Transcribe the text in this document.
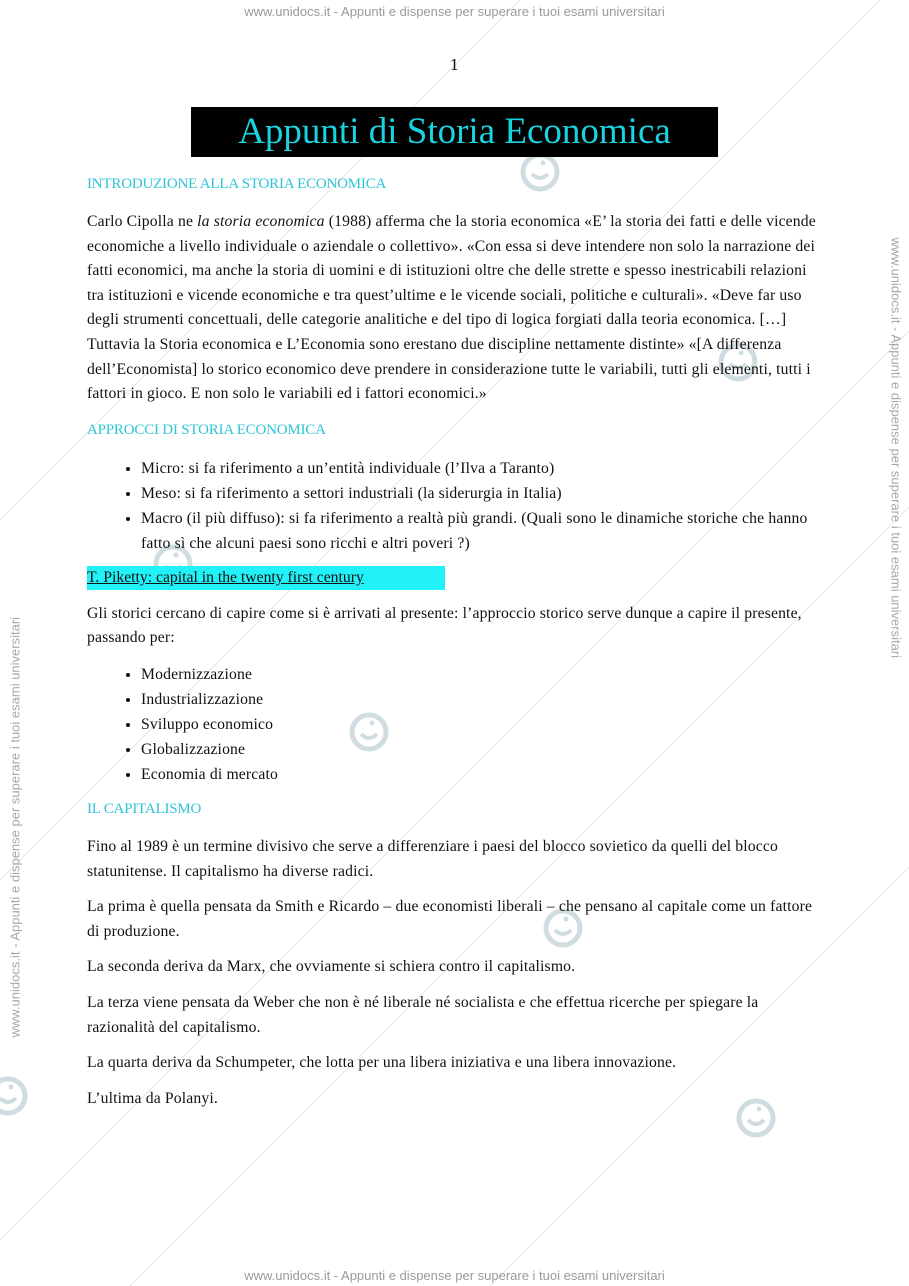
www.unidocs.it - Appunti e dispense per superare i tuoi esami universitari
www.unidocs.it - Appunti e dispense per superare i tuoi esami universitari
www.unidocs.it - Appunti e dispense per superare i tuoi esami universitari
www.unidocs.it - Appunti e dispense per superare i tuoi esami universitari
1
Appunti di Storia Economica
INTRODUZIONE ALLA STORIA ECONOMICA

Carlo Cipolla ne la storia economica (1988) afferma che la storia economica «E’ la storia dei fatti e delle vicende economiche a livello individuale o aziendale o collettivo». «Con essa si deve intendere non solo la narrazione dei fatti economici, ma anche la storia di uomini e di istituzioni oltre che delle strette e spesso inestricabili relazioni tra istituzioni e vicende economiche e tra quest’ultime e le vicende sociali, politiche e culturali». «Deve far uso degli strumenti concettuali, delle categorie analitiche e del tipo di logica forgiati dalla teoria economica. […] Tuttavia la Storia economica e L’Economia sono erestano due discipline nettamente distinte» «[A differenza dell’Economista] lo storico economico deve prendere in considerazione tutte le variabili, tutti gli elementi, tutti i fattori in gioco. E non solo le variabili ed i fattori economici.»

APPROCCI DI STORIA ECONOMICA
• Micro: si fa riferimento a un’entità individuale (l’Ilva a Taranto)
• Meso: si fa riferimento a settori industriali (la siderurgia in Italia)
• Macro (il più diffuso): si fa riferimento a realtà più grandi. (Quali sono le dinamiche storiche che hanno fatto sì che alcuni paesi sono ricchi e altri poveri ?)
T. Piketty: capital in the twenty first century

Gli storici cercano di capire come si è arrivati al presente: l’approccio storico serve dunque a capire il presente, passando per:

• Modernizzazione
• Industrializzazione
• Sviluppo economico
• Globalizzazione
• Economia di mercato
IL CAPITALISMO

Fino al 1989 è un termine divisivo che serve a differenziare i paesi del blocco sovietico da quelli del blocco statunitense. Il capitalismo ha diverse radici.

La prima è quella pensata da Smith e Ricardo – due economisti liberali – che pensano al capitale come un fattore di produzione.

La seconda deriva da Marx, che ovviamente si schiera contro il capitalismo.

La terza viene pensata da Weber che non è né liberale né socialista e che effettua ricerche per spiegare la razionalità del capitalismo.

La quarta deriva da Schumpeter, che lotta per una libera iniziativa e una libera innovazione.

L’ultima da Polanyi.
